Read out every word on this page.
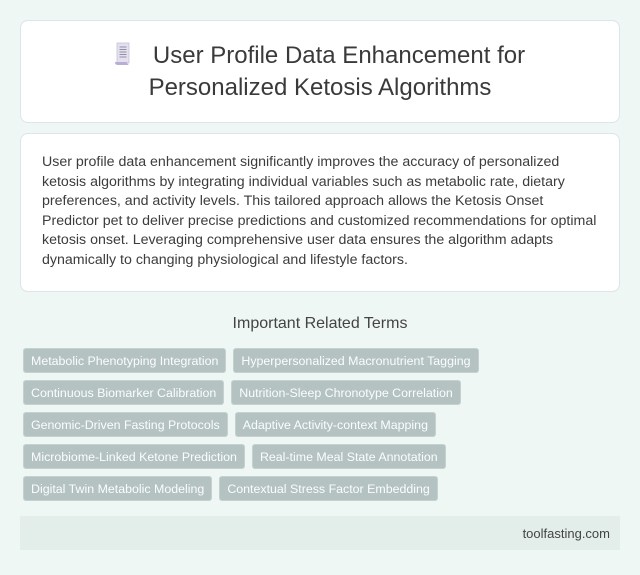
User Profile Data Enhancement for Personalized Ketosis Algorithms

User profile data enhancement significantly improves the accuracy of personalized ketosis algorithms by integrating individual variables such as metabolic rate, dietary preferences, and activity levels. This tailored approach allows the Ketosis Onset Predictor pet to deliver precise predictions and customized recommendations for optimal ketosis onset. Leveraging comprehensive user data ensures the algorithm adapts dynamically to changing physiological and lifestyle factors.

Important Related Terms
Metabolic Phenotyping Integration	Hyperpersonalized Macronutrient Tagging
Continuous Biomarker Calibration	Nutrition-Sleep Chronotype Correlation
Genomic-Driven Fasting Protocols	Adaptive Activity-context Mapping
Microbiome-Linked Ketone Prediction	Real-time Meal State Annotation
Digital Twin Metabolic Modeling	Contextual Stress Factor Embedding
toolfasting.com
